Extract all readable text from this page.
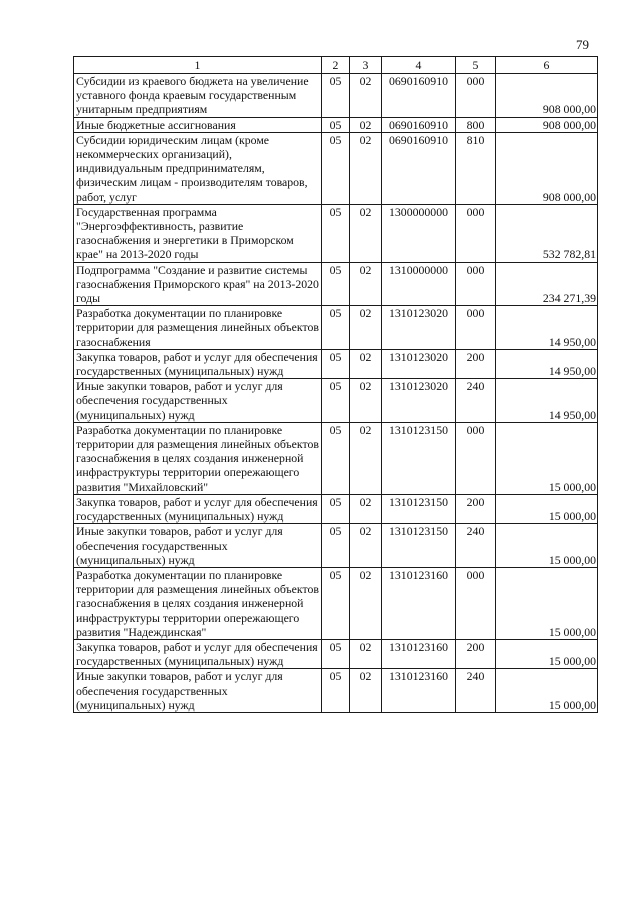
79
1	2	3	4	5	6
Субсидии из краевого бюджета на увеличение уставного фонда краевым государственным унитарным предприятиям	05	02	0690160910	000	908 000,00
Иные бюджетные ассигнования	05	02	0690160910	800	908 000,00
Субсидии юридическим лицам (кроме некоммерческих организаций), индивидуальным предпринимателям, физическим лицам - производителям товаров, работ, услуг	05	02	0690160910	810	908 000,00
Государственная программа "Энергоэффективность, развитие газоснабжения и энергетики в Приморском крае" на 2013-2020 годы	05	02	1300000000	000	532 782,81
Подпрограмма "Создание и развитие системы газоснабжения Приморского края" на 2013-2020 годы	05	02	1310000000	000	234 271,39
Разработка документации по планировке территории для размещения линейных объектов газоснабжения	05	02	1310123020	000	14 950,00
Закупка товаров, работ и услуг для обеспечения государственных (муниципальных) нужд	05	02	1310123020	200	14 950,00
Иные закупки товаров, работ и услуг для обеспечения государственных (муниципальных) нужд	05	02	1310123020	240	14 950,00
Разработка документации по планировке территории для размещения линейных объектов газоснабжения в целях создания инженерной инфраструктуры территории опережающего развития "Михайловский"	05	02	1310123150	000	15 000,00
Закупка товаров, работ и услуг для обеспечения государственных (муниципальных) нужд	05	02	1310123150	200	15 000,00
Иные закупки товаров, работ и услуг для обеспечения государственных (муниципальных) нужд	05	02	1310123150	240	15 000,00
Разработка документации по планировке территории для размещения линейных объектов газоснабжения в целях создания инженерной инфраструктуры территории опережающего развития "Надеждинская"	05	02	1310123160	000	15 000,00
Закупка товаров, работ и услуг для обеспечения государственных (муниципальных) нужд	05	02	1310123160	200	15 000,00
Иные закупки товаров, работ и услуг для обеспечения государственных (муниципальных) нужд	05	02	1310123160	240	15 000,00
